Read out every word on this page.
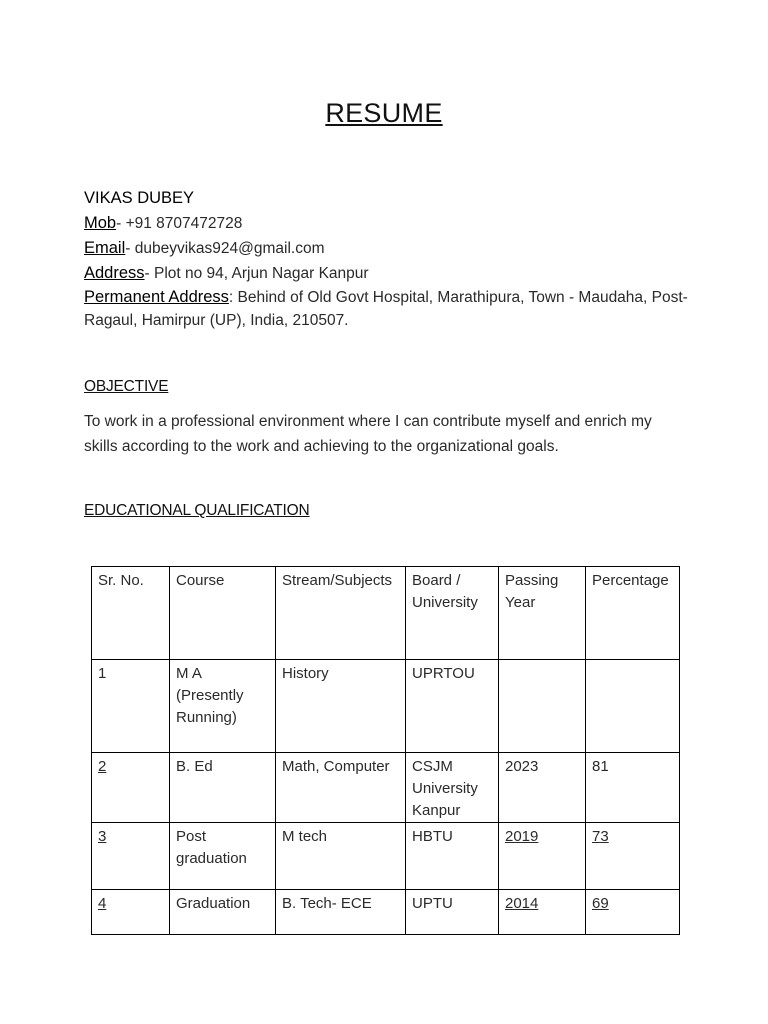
RESUME
VIKAS DUBEY
Mob- +91 8707472728
Email- dubeyvikas924@gmail.com
Address- Plot no 94, Arjun Nagar Kanpur
Permanent Address: Behind of Old Govt Hospital, Marathipura, Town - Maudaha, Post-Ragaul, Hamirpur (UP), India, 210507.
OBJECTIVE
To work in a professional environment where I can contribute myself and enrich my skills according to the work and achieving to the organizational goals.
EDUCATIONAL QUALIFICATION
Sr. No.	Course	Stream/Subjects	Board / University	Passing Year	Percentage
1	M A (Presently Running)	History	UPRTOU		
2	B. Ed	Math, Computer	CSJM University Kanpur	2023	81
3	Post graduation	M tech	HBTU	2019	73
4	Graduation	B. Tech- ECE	UPTU	2014	69
